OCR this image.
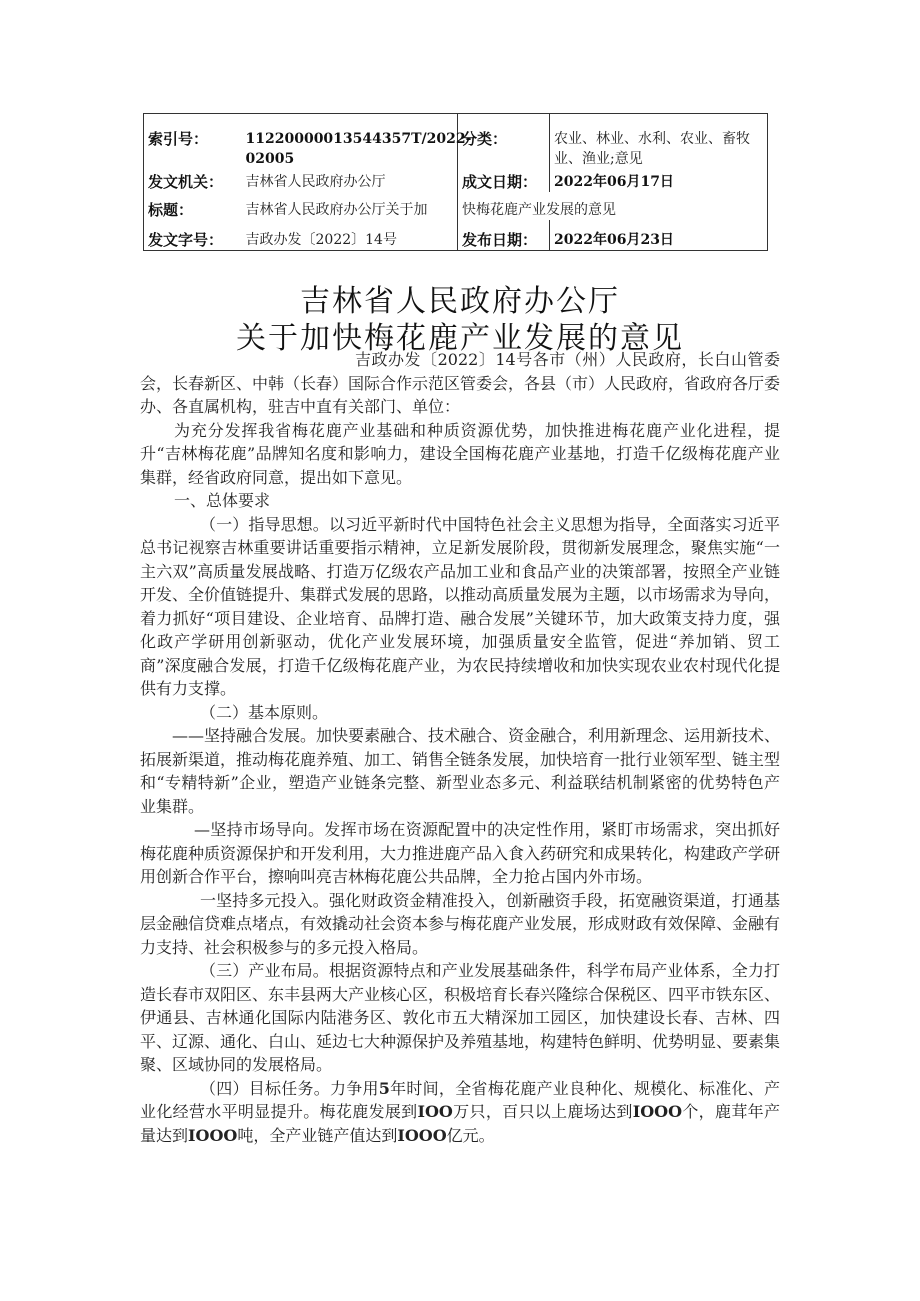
索引号：	11220000013544357T/2022-02005	分类：	农业、林业、水利、农业、畜牧业、渔业;意见
发文机关：	吉林省人民政府办公厅	成文日期：	2022年06月17日
标题：	吉林省人民政府办公厅关于加	快梅花鹿产业发展的意见	
发文字号：	吉政办发〔2022〕14号	发布日期：	2022年06月23日
吉林省人民政府办公厅
关于加快梅花鹿产业发展的意见

吉政办发〔2022〕14号各市（州）人民政府，长白山管委会，长春新区、中韩（长春）国际合作示范区管委会，各县（市）人民政府，省政府各厅委办、各直属机构，驻吉中直有关部门、单位：

为充分发挥我省梅花鹿产业基础和种质资源优势，加快推进梅花鹿产业化进程，提升“吉林梅花鹿”品牌知名度和影响力，建设全国梅花鹿产业基地，打造千亿级梅花鹿产业集群，经省政府同意，提出如下意见。

一、总体要求

（一）指导思想。以习近平新时代中国特色社会主义思想为指导，全面落实习近平总书记视察吉林重要讲话重要指示精神，立足新发展阶段，贯彻新发展理念，聚焦实施“一主六双”高质量发展战略、打造万亿级农产品加工业和食品产业的决策部署，按照全产业链开发、全价值链提升、集群式发展的思路，以推动高质量发展为主题，以市场需求为导向，着力抓好“项目建设、企业培育、品牌打造、融合发展”关键环节，加大政策支持力度，强化政产学研用创新驱动，优化产业发展环境，加强质量安全监管，促进“养加销、贸工商”深度融合发展，打造千亿级梅花鹿产业，为农民持续增收和加快实现农业农村现代化提供有力支撑。

（二）基本原则。

——坚持融合发展。加快要素融合、技术融合、资金融合，利用新理念、运用新技术、拓展新渠道，推动梅花鹿养殖、加工、销售全链条发展，加快培育一批行业领军型、链主型和“专精特新”企业，塑造产业链条完整、新型业态多元、利益联结机制紧密的优势特色产业集群。

—坚持市场导向。发挥市场在资源配置中的决定性作用，紧盯市场需求，突出抓好梅花鹿种质资源保护和开发利用，大力推进鹿产品入食入药研究和成果转化，构建政产学研用创新合作平台，擦响叫亮吉林梅花鹿公共品牌，全力抢占国内外市场。

一坚持多元投入。强化财政资金精准投入，创新融资手段，拓宽融资渠道，打通基层金融信贷难点堵点，有效撬动社会资本参与梅花鹿产业发展，形成财政有效保障、金融有力支持、社会积极参与的多元投入格局。

（三）产业布局。根据资源特点和产业发展基础条件，科学布局产业体系，全力打造长春市双阳区、东丰县两大产业核心区，积极培育长春兴隆综合保税区、四平市铁东区、伊通县、吉林通化国际内陆港务区、敦化市五大精深加工园区，加快建设长春、吉林、四平、辽源、通化、白山、延边七大种源保护及养殖基地，构建特色鲜明、优势明显、要素集聚、区域协同的发展格局。

（四）目标任务。力争用5年时间，全省梅花鹿产业良种化、规模化、标准化、产业化经营水平明显提升。梅花鹿发展到IOO万只，百只以上鹿场达到IOOO个，鹿茸年产量达到IOOO吨，全产业链产值达到IOOO亿元。
